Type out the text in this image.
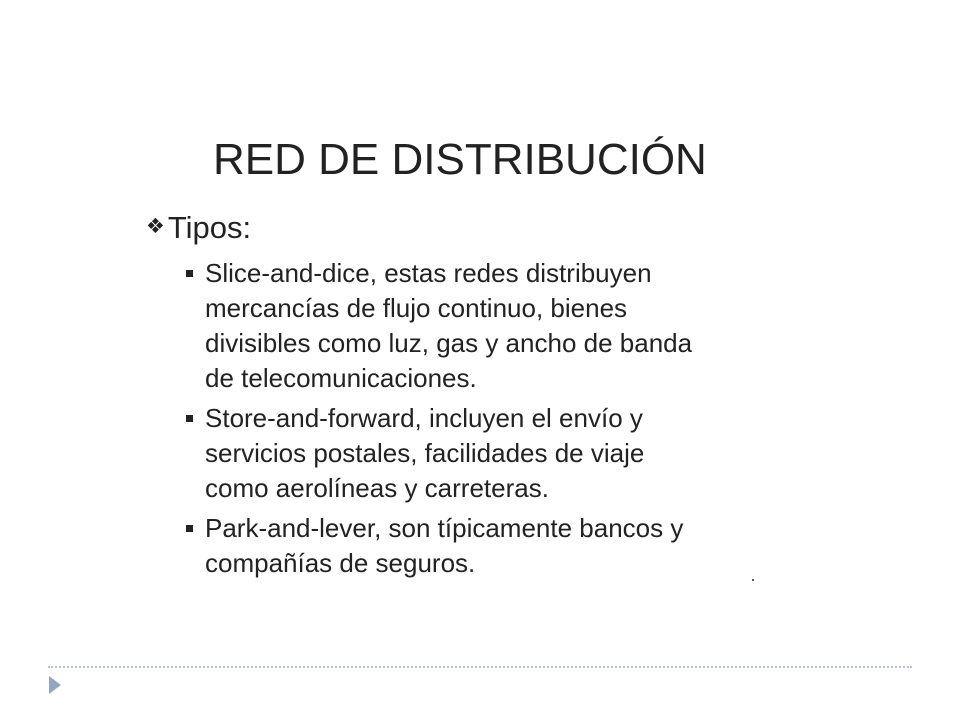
RED DE DISTRIBUCIÓN
❖Tipos:
Slice-and-dice, estas redes distribuyen
mercancías de flujo continuo, bienes
divisibles como luz, gas y ancho de banda
de telecomunicaciones.
Store-and-forward, incluyen el envío y
servicios postales, facilidades de viaje
como aerolíneas y carreteras.
Park-and-lever, son típicamente bancos y
compañías de seguros.
